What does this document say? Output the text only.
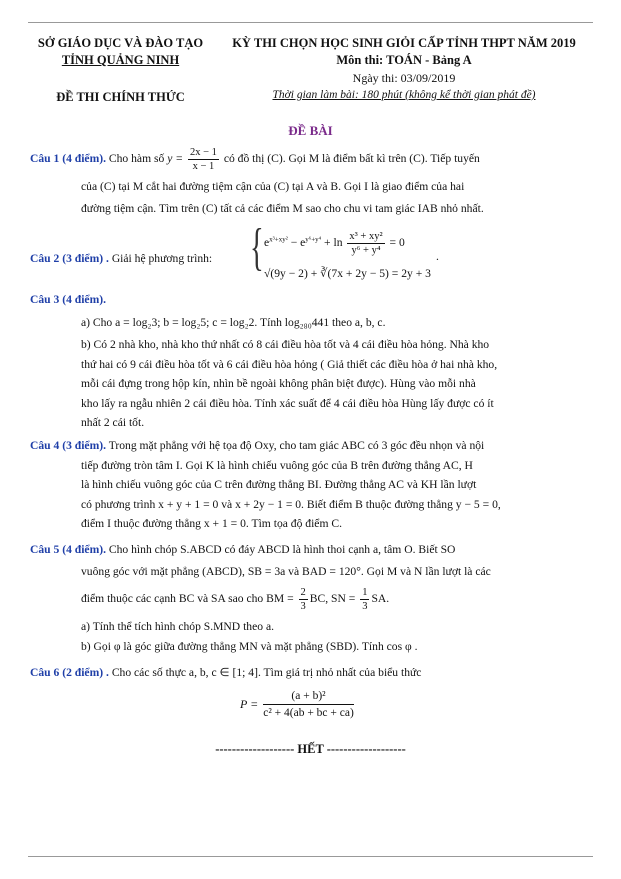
SỞ GIÁO DỤC VÀ ĐÀO TẠO
TỈNH QUẢNG NINH
ĐỀ THI CHÍNH THỨC
KỲ THI CHỌN HỌC SINH GIỎI CẤP TỈNH THPT NĂM 2019
Môn thi: TOÁN - Bảng A
Ngày thi: 03/09/2019
Thời gian làm bài: 180 phút (không kể thời gian phát đề)
ĐỀ BÀI
Câu 1 (4 điểm). Cho hàm số $y = \frac{2x - 1}{x - 1}$ có đồ thị (C). Gọi M là điểm bất kì trên (C). Tiếp tuyến
của (C) tại M cắt hai đường tiệm cận của (C) tại A và B. Gọi I là giao điểm của hai
đường tiệm cận. Tìm trên (C) tất cả các điểm M sao cho chu vi tam giác IAB nhỏ nhất.
Câu 2 (3 điểm) . Giải hệ phương trình: { $e^{x^3+xy^2} - e^{y^6+y^4} + \ln \frac{\text{x³ + xy²}}{\text{y⁶ + y⁴}} = 0$
√(9y − 2) + ∛(7x + 2y − 5) = 2y + 3
.
Câu 3 (4 điểm).
a) Cho a = log₂3; b = log₂5; c = log₂2. Tính log₂₈₀441 theo a, b, c.
b) Có 2 nhà kho, nhà kho thứ nhất có 8 cái điều hòa tốt và 4 cái điều hòa hỏng. Nhà kho
thứ hai có 9 cái điều hòa tốt và 6 cái điều hòa hỏng ( Giả thiết các điều hòa ở hai nhà kho,
mỗi cái đựng trong hộp kín, nhìn bề ngoài không phân biệt được). Hùng vào mỗi nhà
kho lấy ra ngẫu nhiên 2 cái điều hòa. Tính xác suất để 4 cái điều hòa Hùng lấy được có ít
nhất 2 cái tốt.
Câu 4 (3 điểm). Trong mặt phẳng với hệ tọa độ Oxy, cho tam giác ABC có 3 góc đều nhọn và nội
tiếp đường tròn tâm I. Gọi K là hình chiếu vuông góc của B trên đường thẳng AC, H
là hình chiếu vuông góc của C trên đường thẳng BI. Đường thẳng AC và KH lần lượt
có phương trình x + y + 1 = 0 và x + 2y − 1 = 0. Biết điểm B thuộc đường thẳng y − 5 = 0,
điểm I thuộc đường thẳng x + 1 = 0. Tìm tọa độ điểm C.
Câu 5 (4 điểm). Cho hình chóp S.ABCD có đáy ABCD là hình thoi cạnh a, tâm O. Biết SO
vuông góc với mặt phẳng (ABCD), SB = 3a và BAD = 120°. Gọi M và N lần lượt là các
điểm thuộc các cạnh BC và SA sao cho BM = $\frac{2}{3}$ BC, SN = $\frac{1}{3}$ SA.
a) Tính thể tích hình chóp S.MND theo a.
b) Gọi φ là góc giữa đường thẳng MN và mặt phẳng (SBD). Tính cos φ .
Câu 6 (2 điểm) . Cho các số thực a, b, c ∈ [1; 4]. Tìm giá trị nhỏ nhất của biểu thức
$P = \frac{\text{(a + b)²}}{\text{c² + 4(ab + bc + ca)}}$
------------------- HẾT -------------------
